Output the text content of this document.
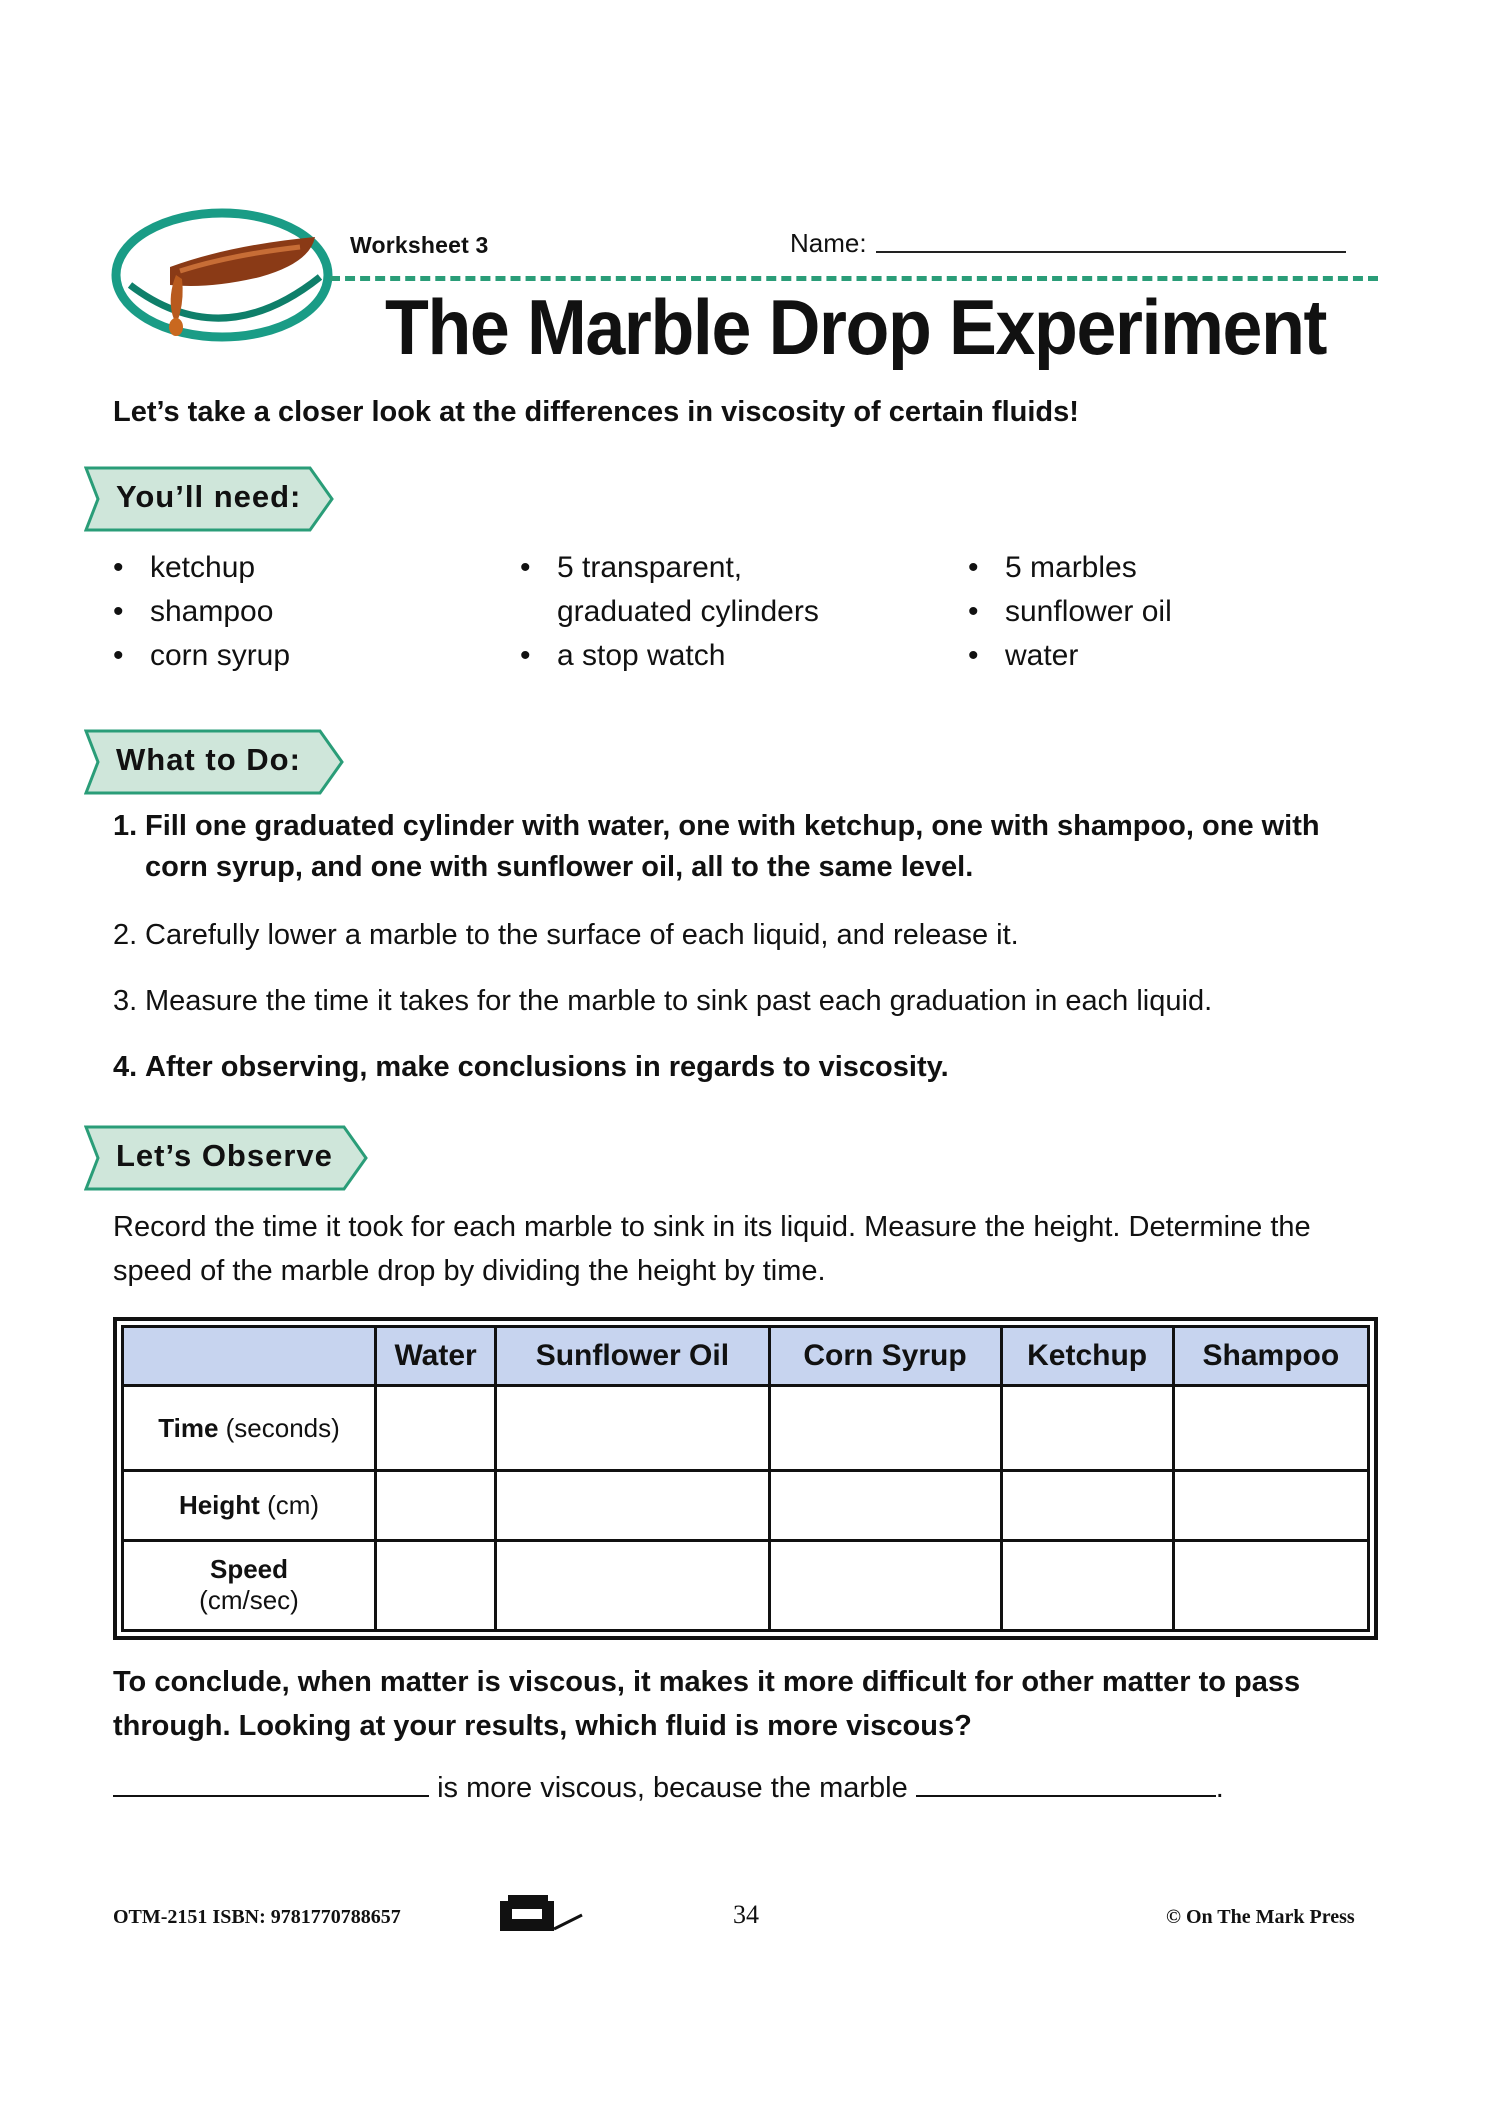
Worksheet 3	Name:
The Marble Drop Experiment
Let’s take a closer look at the differences in viscosity of certain fluids!
You’ll need:
• ketchup
• shampoo
• corn syrup
• 5 transparent,
graduated cylinders
• a stop watch
• 5 marbles
• sunflower oil
• water
What to Do:
1. Fill one graduated cylinder with water, one with ketchup, one with shampoo, one with
corn syrup, and one with sunflower oil, all to the same level.
2. Carefully lower a marble to the surface of each liquid, and release it.
3. Measure the time it takes for the marble to sink past each graduation in each liquid.
4. After observing, make conclusions in regards to viscosity.
Let’s Observe
Record the time it took for each marble to sink in its liquid. Measure the height. Determine the speed of the marble drop by dividing the height by time.
	Water	Sunflower Oil	Corn Syrup	Ketchup	Shampoo
Time (seconds)					
Height (cm)					
Speed
(cm/sec)					
To conclude, when matter is viscous, it makes it more difficult for other matter to pass through. Looking at your results, which fluid is more viscous?
is more viscous, because the marble	.
OTM-2151 ISBN: 9781770788657	34	© On The Mark Press
